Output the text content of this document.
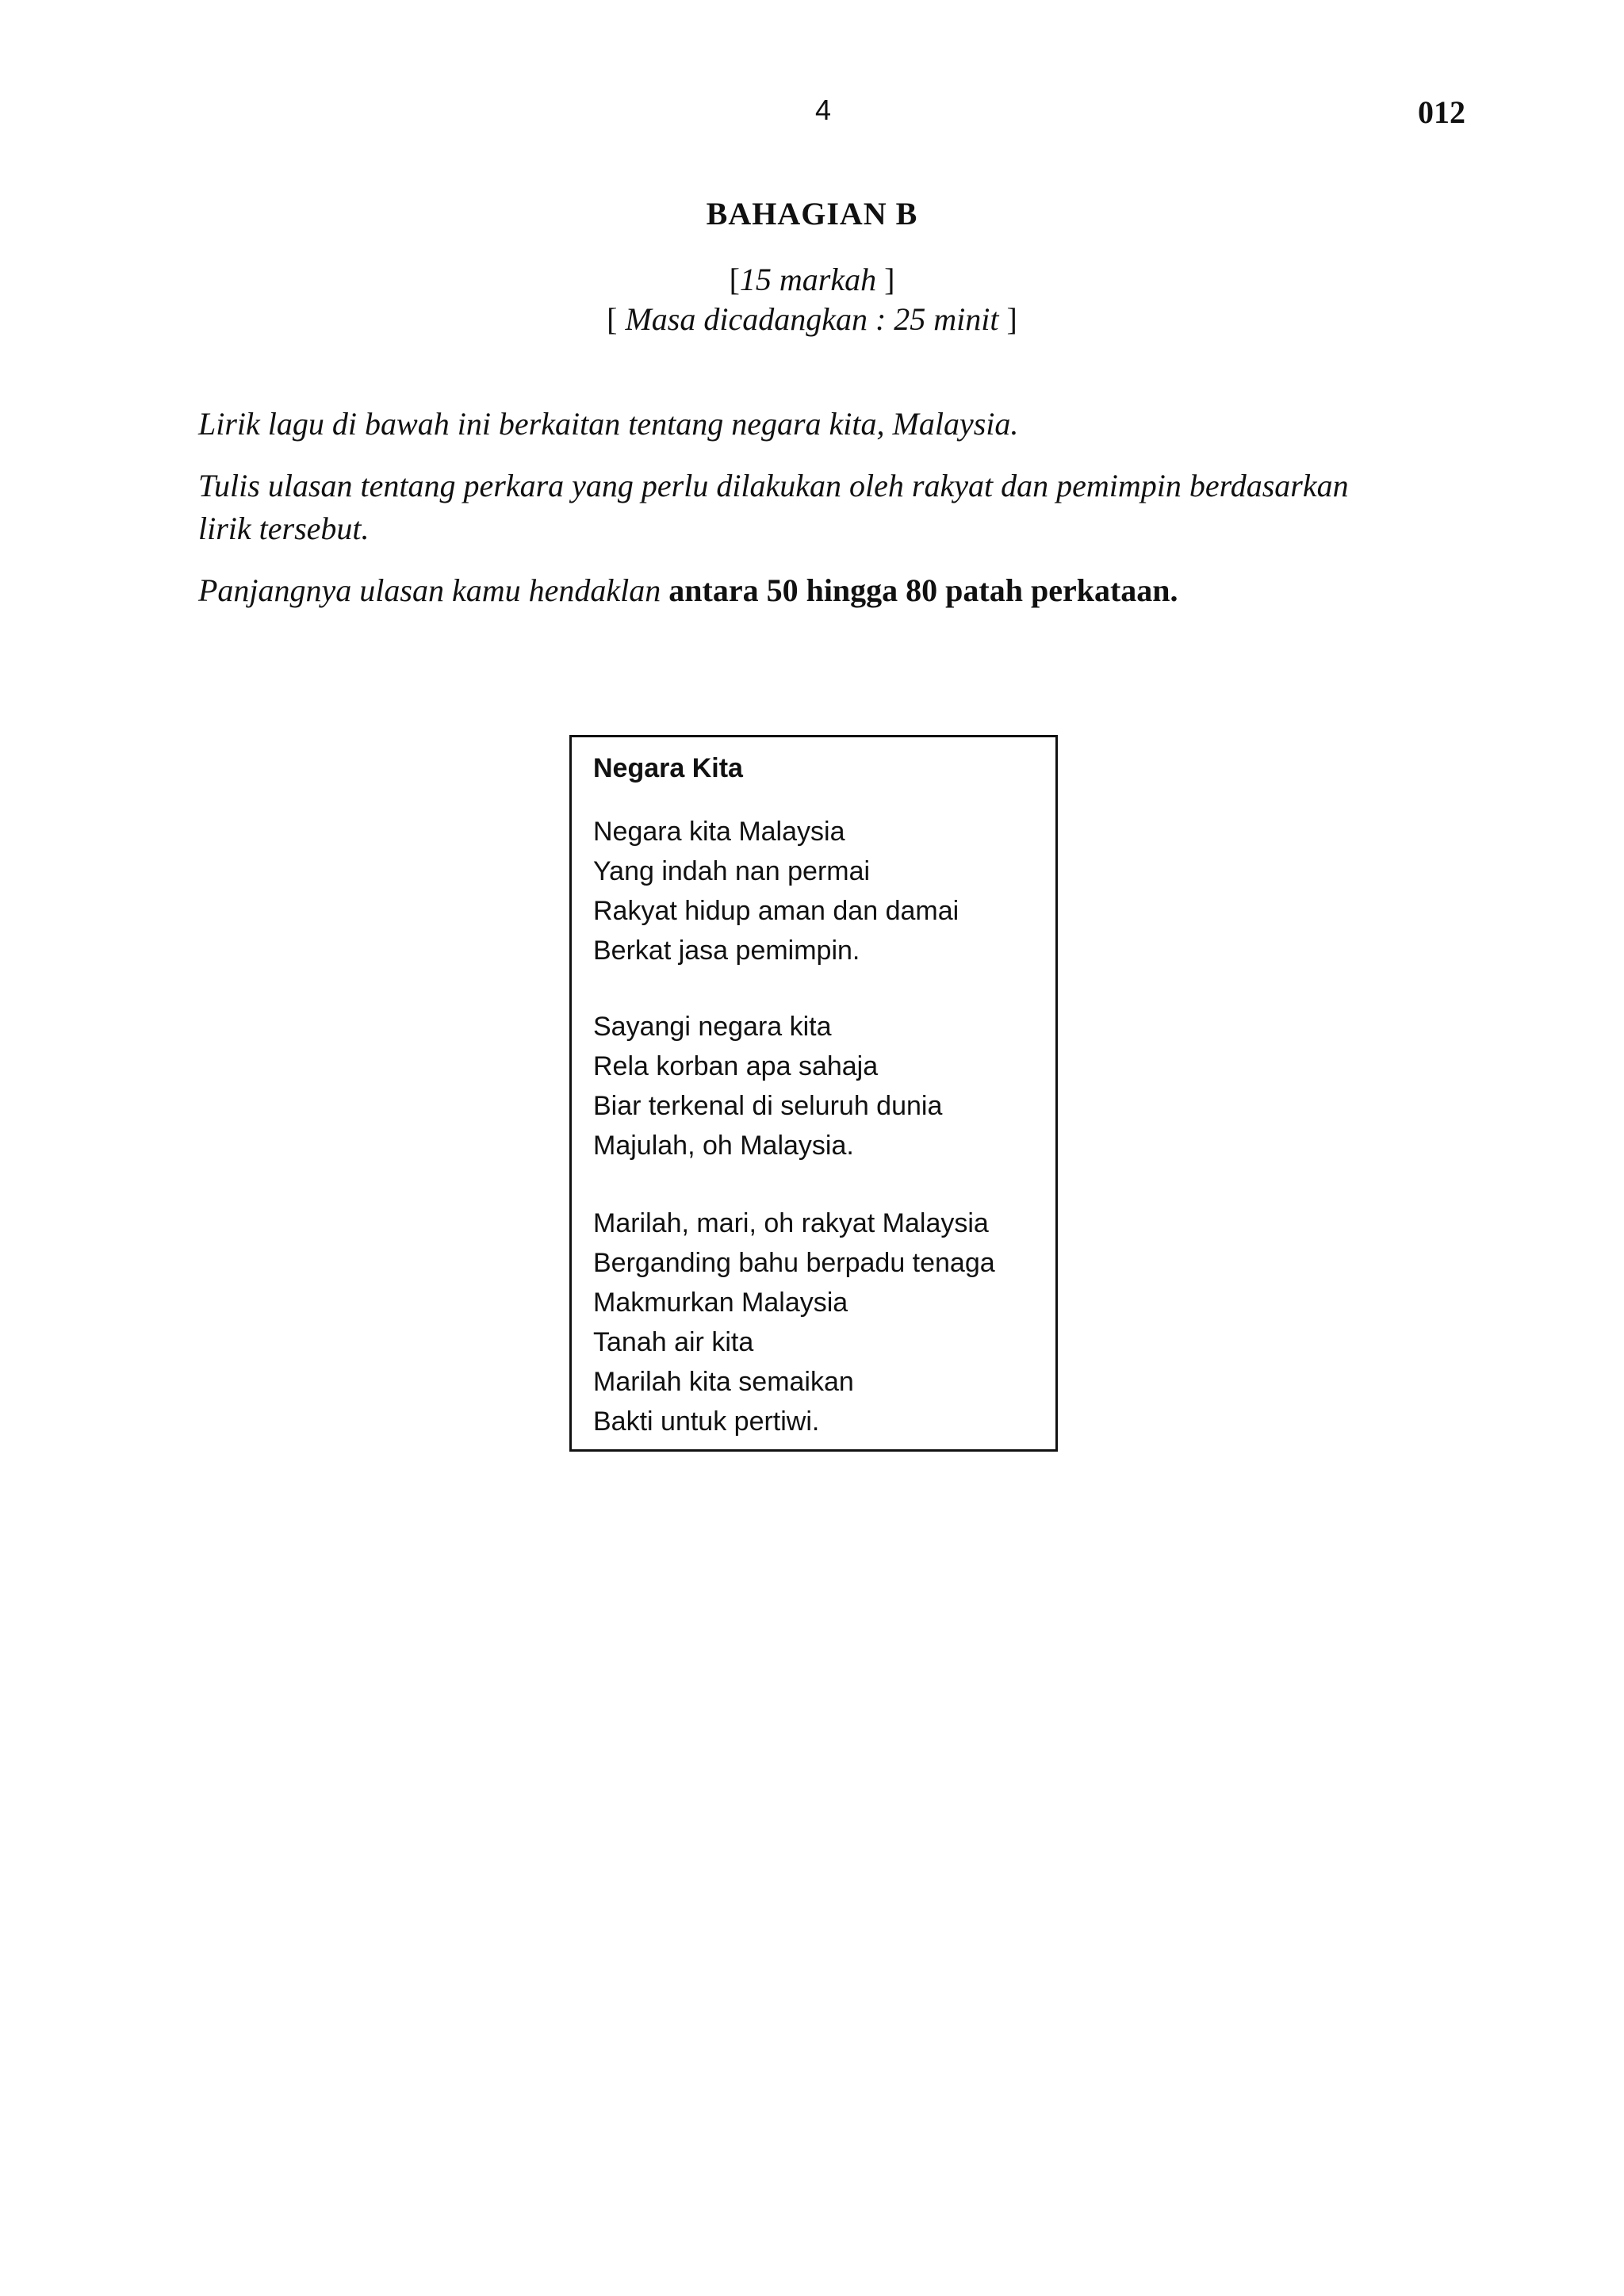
4	012
BAHAGIAN B
[15 markah ]
[ Masa dicadangkan : 25 minit ]
Lirik lagu di bawah ini berkaitan tentang negara kita, Malaysia.
Tulis ulasan tentang perkara yang perlu dilakukan oleh rakyat dan pemimpin berdasarkan lirik tersebut.
Panjangnya ulasan kamu hendaklan antara 50 hingga 80 patah perkataan.
Negara Kita
Negara kita Malaysia
Yang indah nan permai
Rakyat hidup aman dan damai
Berkat jasa pemimpin.
Sayangi negara kita
Rela korban apa sahaja
Biar terkenal di seluruh dunia
Majulah, oh Malaysia.
Marilah, mari, oh rakyat Malaysia
Berganding bahu berpadu tenaga
Makmurkan Malaysia
Tanah air kita
Marilah kita semaikan
Bakti untuk pertiwi.
